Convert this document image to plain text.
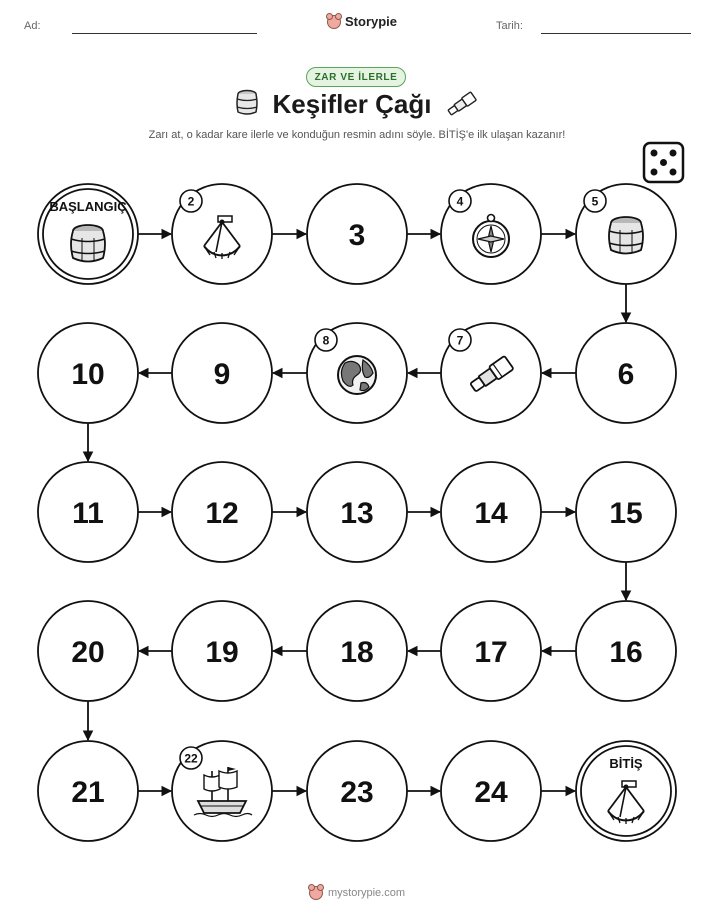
Ad:	Storypie	Tarih:
ZAR VE İLERLE
Keşifler Çağı
Zarı at, o kadar kare ilerle ve konduğun resmin adını söyle. BİTİŞ'e ilk ulaşan kazanır!
BAŞLANGIÇ	2
3
4	5
6
7
8
9
10
11	12	13	14	15
16
17
18
19
20
21
22
23	24
BİTİŞ
mystorypie.com
